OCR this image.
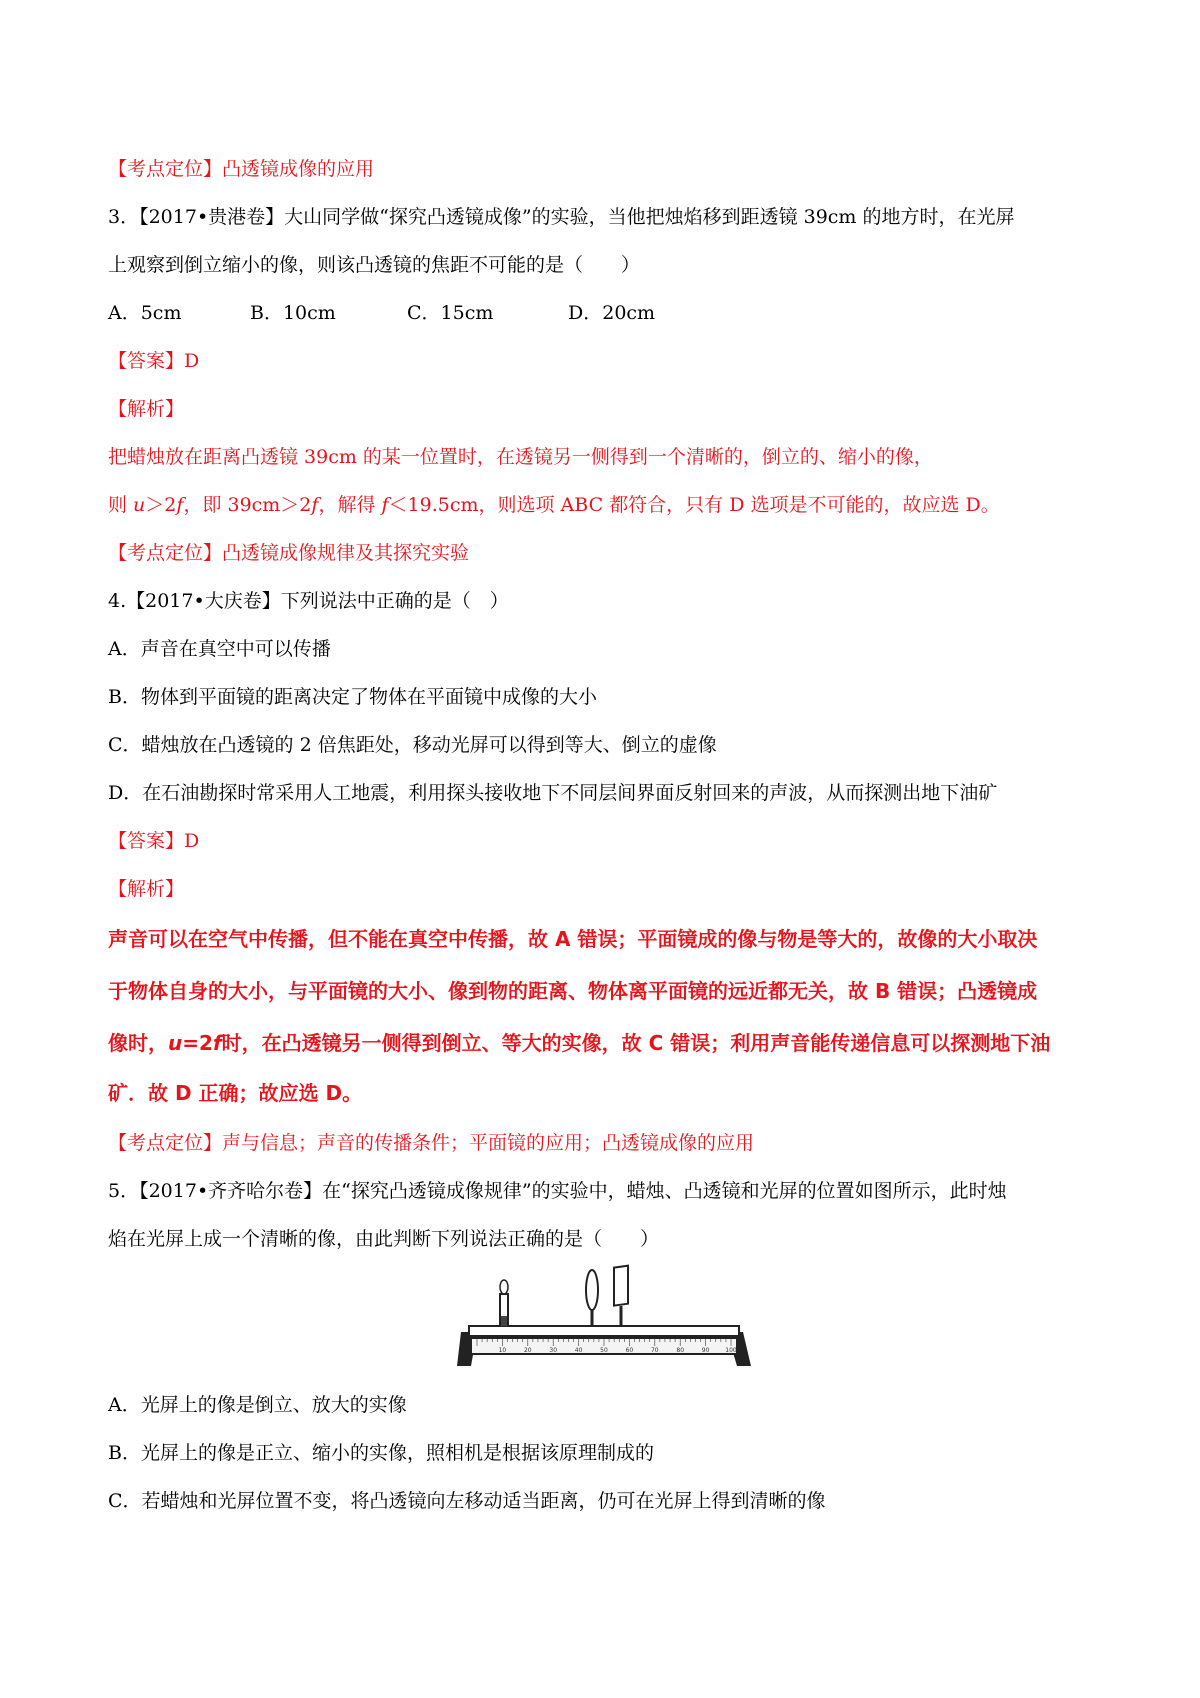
【考点定位】凸透镜成像的应用
3．【2017•贵港卷】大山同学做“探究凸透镜成像”的实验，当他把烛焰移到距透镜 39cm 的地方时，在光屏
上观察到倒立缩小的像，则该凸透镜的焦距不可能的是（　　）
A．5cm	B．10cm	C．15cm	D．20cm
【答案】D
【解析】
把蜡烛放在距离凸透镜 39cm 的某一位置时，在透镜另一侧得到一个清晰的，倒立的、缩小的像，
则 u＞2f，即 39cm＞2f，解得 f＜19.5cm，则选项 ABC 都符合，只有 D 选项是不可能的，故应选 D。
【考点定位】凸透镜成像规律及其探究实验
4.【2017•大庆卷】下列说法中正确的是（　）
A．声音在真空中可以传播
B．物体到平面镜的距离决定了物体在平面镜中成像的大小
C．蜡烛放在凸透镜的 2 倍焦距处，移动光屏可以得到等大、倒立的虚像
D．在石油勘探时常采用人工地震，利用探头接收地下不同层间界面反射回来的声波，从而探测出地下油矿
【答案】D
【解析】
声音可以在空气中传播，但不能在真空中传播，故 A 错误；平面镜成的像与物是等大的，故像的大小取决
于物体自身的大小，与平面镜的大小、像到物的距离、物体离平面镜的远近都无关，故 B 错误；凸透镜成
像时，u=2f时，在凸透镜另一侧得到倒立、等大的实像，故 C 错误；利用声音能传递信息可以探测地下油
矿．故 D 正确；故应选 D。
【考点定位】声与信息；声音的传播条件；平面镜的应用；凸透镜成像的应用
5．【2017•齐齐哈尔卷】在“探究凸透镜成像规律”的实验中，蜡烛、凸透镜和光屏的位置如图所示，此时烛
焰在光屏上成一个清晰的像，由此判断下列说法正确的是（　　）
10	20	30	40	50	60	70	80	90	100
A．光屏上的像是倒立、放大的实像
B．光屏上的像是正立、缩小的实像，照相机是根据该原理制成的
C．若蜡烛和光屏位置不变，将凸透镜向左移动适当距离，仍可在光屏上得到清晰的像
